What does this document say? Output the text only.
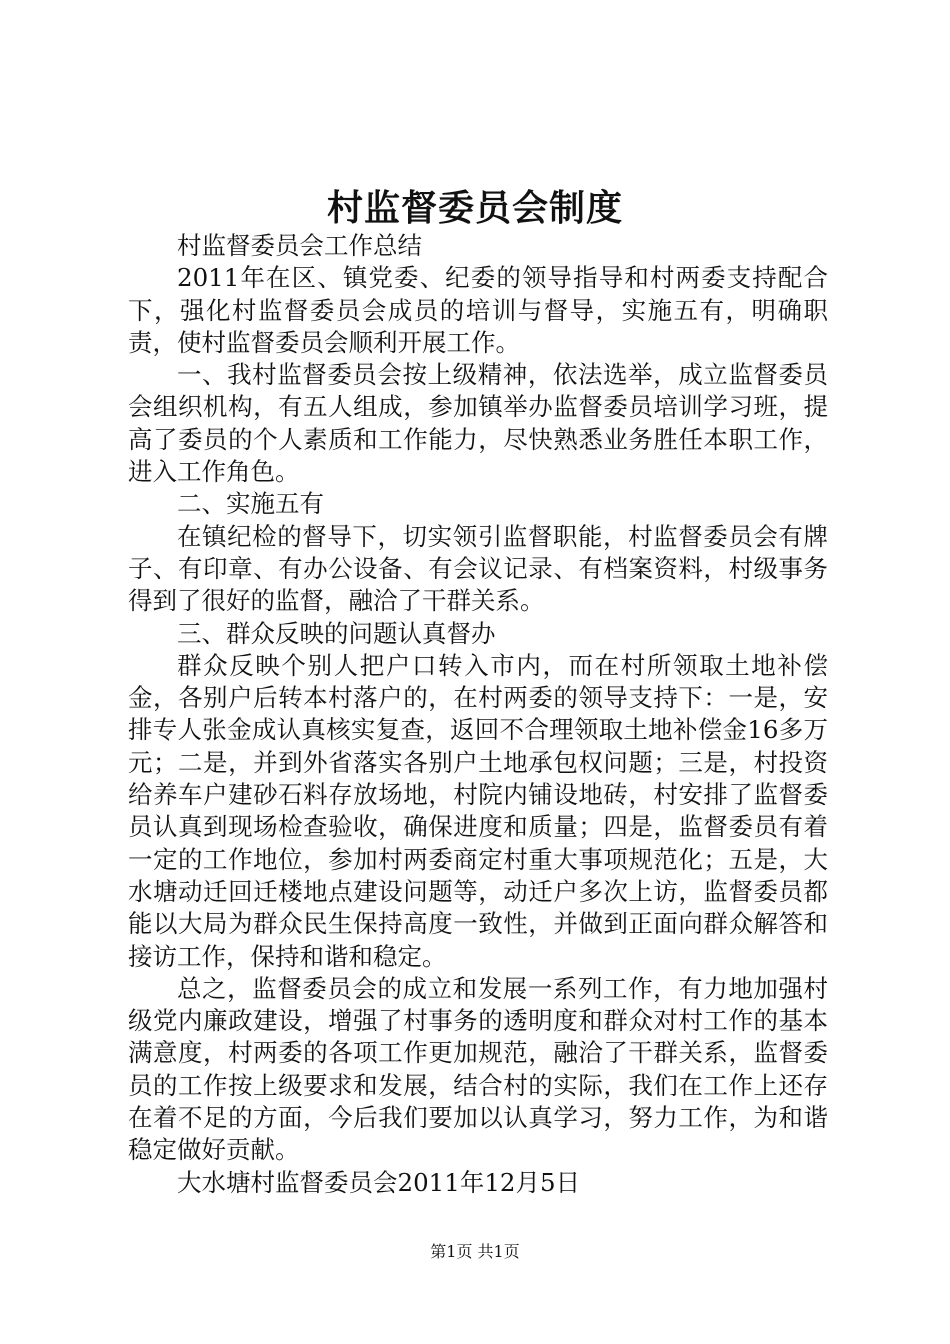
村监督委员会制度

村监督委员会工作总结

2011年在区、镇党委、纪委的领导指导和村两委支持配合下，强化村监督委员会成员的培训与督导，实施五有，明确职责，使村监督委员会顺利开展工作。

一、我村监督委员会按上级精神，依法选举，成立监督委员会组织机构，有五人组成，参加镇举办监督委员培训学习班，提高了委员的个人素质和工作能力，尽快熟悉业务胜任本职工作，进入工作角色。

二、实施五有

在镇纪检的督导下，切实领引监督职能，村监督委员会有牌子、有印章、有办公设备、有会议记录、有档案资料，村级事务得到了很好的监督，融洽了干群关系。

三、群众反映的问题认真督办

群众反映个别人把户口转入市内，而在村所领取土地补偿金，各别户后转本村落户的，在村两委的领导支持下：一是，安排专人张金成认真核实复查，返回不合理领取土地补偿金16多万元；二是，并到外省落实各别户土地承包权问题；三是，村投资给养车户建砂石料存放场地，村院内铺设地砖，村安排了监督委员认真到现场检查验收，确保进度和质量；四是，监督委员有着一定的工作地位，参加村两委商定村重大事项规范化；五是，大水塘动迁回迁楼地点建设问题等，动迁户多次上访，监督委员都能以大局为群众民生保持高度一致性，并做到正面向群众解答和接访工作，保持和谐和稳定。

总之，监督委员会的成立和发展一系列工作，有力地加强村级党内廉政建设，增强了村事务的透明度和群众对村工作的基本满意度，村两委的各项工作更加规范，融洽了干群关系，监督委员的工作按上级要求和发展，结合村的实际，我们在工作上还存在着不足的方面，今后我们要加以认真学习，努力工作，为和谐稳定做好贡献。

大水塘村监督委员会2011年12月5日

第1页 共1页
